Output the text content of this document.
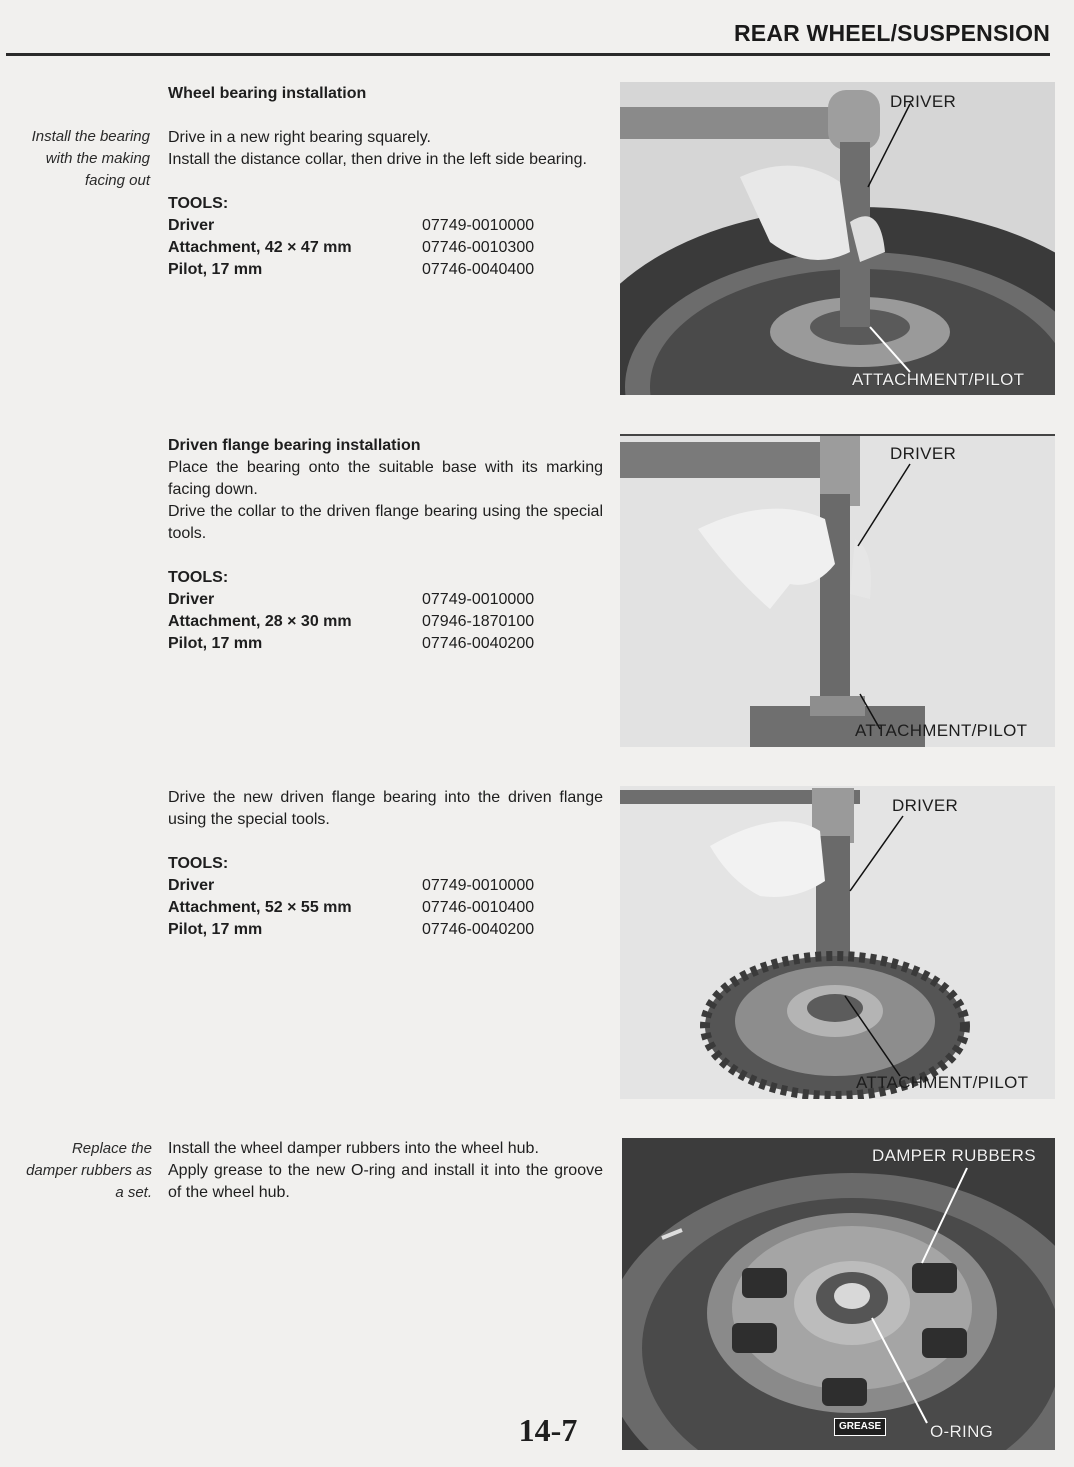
REAR WHEEL/SUSPENSION
Install the bearing
with the making
facing out
Wheel bearing installation
Drive in a new right bearing squarely.
Install the distance collar, then drive in the left side bearing.
TOOLS:
Driver	07749-0010000
Attachment, 42 × 47 mm	07746-0010300
Pilot, 17 mm	07746-0040400
DRIVER
ATTACHMENT/PILOT
Driven flange bearing installation
Place the bearing onto the suitable base with its marking facing down.
Drive the collar to the driven flange bearing using the special tools.
TOOLS:
Driver	07749-0010000
Attachment, 28 × 30 mm	07946-1870100
Pilot, 17 mm	07746-0040200
DRIVER
ATTACHMENT/PILOT
Drive the new driven flange bearing into the driven flange using the special tools.
TOOLS:
Driver	07749-0010000
Attachment, 52 × 55 mm	07746-0010400
Pilot, 17 mm	07746-0040200
DRIVER
ATTACHMENT/PILOT
Replace the
damper rubbers as
a set.
Install the wheel damper rubbers into the wheel hub.
Apply grease to the new O-ring and install it into the groove of the wheel hub.
DAMPER RUBBERS
GREASE	O-RING
14-7
